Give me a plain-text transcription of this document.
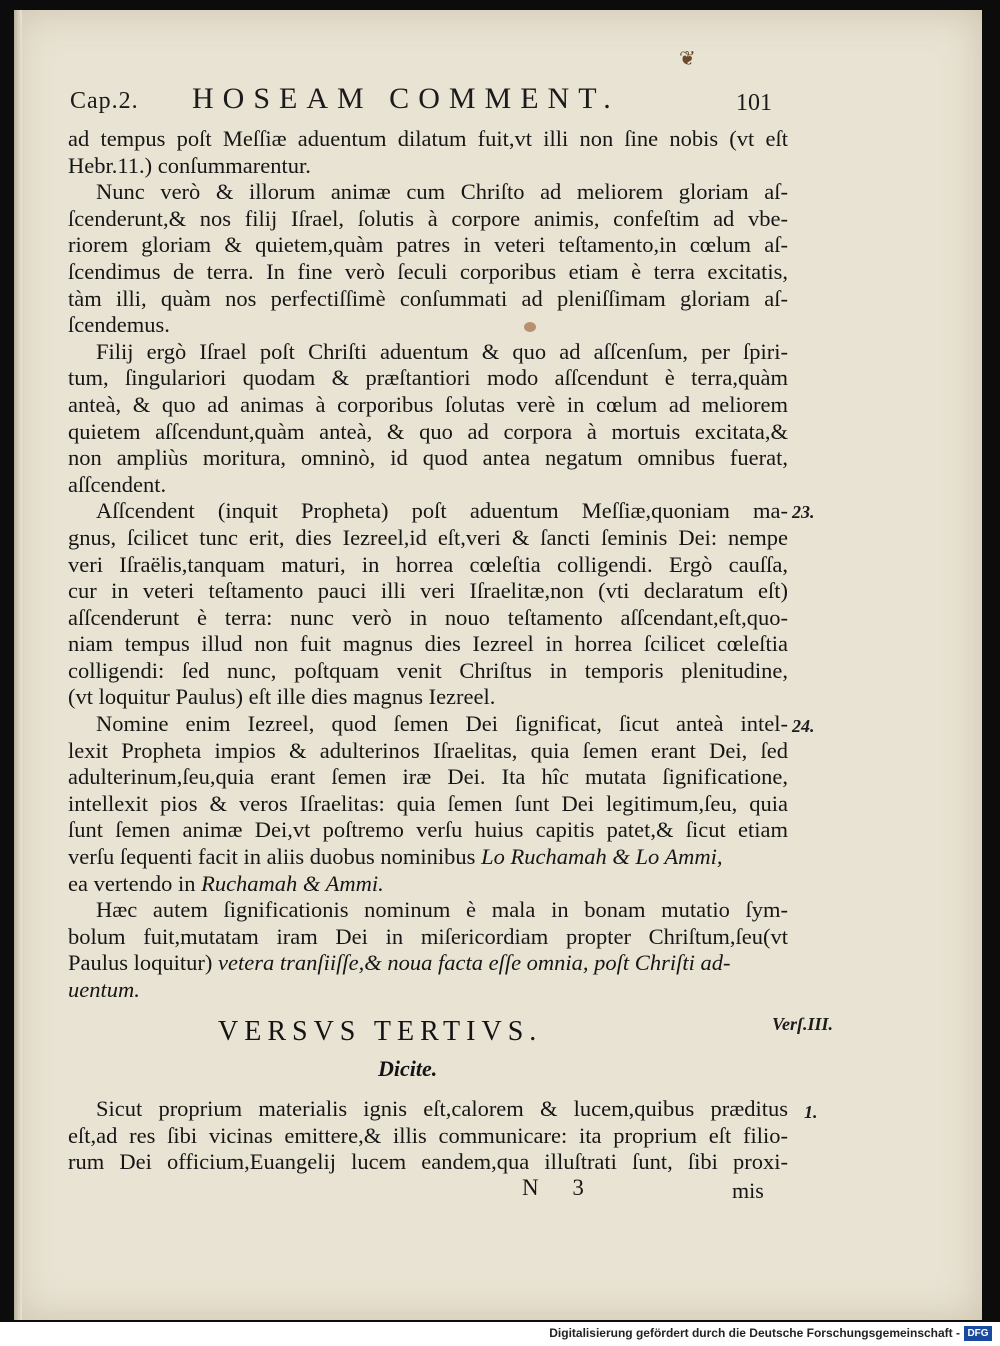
❦
Cap.2. HOSEAM COMMENT.	101
ad tempus poſt Meſſiæ aduentum dilatum fuit,vt illi non ſine nobis (vt eſt
Hebr.11.) conſummarentur.
Nunc verò & illorum animæ cum Chriſto ad meliorem gloriam aſ-
ſcenderunt,& nos filij Iſrael, ſolutis à corpore animis, confeſtim ad vbe-
riorem gloriam & quietem,quàm patres in veteri teſtamento,in cœlum aſ-
ſcendimus de terra. In fine verò ſeculi corporibus etiam è terra excitatis,
tàm illi, quàm nos perfectiſſimè conſummati ad pleniſſimam gloriam aſ-
ſcendemus.
Filij ergò Iſrael poſt Chriſti aduentum & quo ad aſſcenſum, per ſpiri-
tum, ſingulariori quodam & præſtantiori modo aſſcendunt è terra,quàm
anteà, & quo ad animas à corporibus ſolutas verè in cœlum ad meliorem
quietem aſſcendunt,quàm anteà, & quo ad corpora à mortuis excitata,&
non ampliùs moritura, omninò, id quod antea negatum omnibus fuerat,
aſſcendent.
Aſſcendent (inquit Propheta) poſt aduentum Meſſiæ,quoniam ma-
gnus, ſcilicet tunc erit, dies Iezreel,id eſt,veri & ſancti ſeminis Dei: nempe
veri Iſraëlis,tanquam maturi, in horrea cœleſtia colligendi. Ergò cauſſa,
cur in veteri teſtamento pauci illi veri Iſraelitæ,non (vti declaratum eſt)
aſſcenderunt è terra: nunc verò in nouo teſtamento aſſcendant,eſt,quo-
niam tempus illud non fuit magnus dies Iezreel in horrea ſcilicet cœleſtia
colligendi: ſed nunc, poſtquam venit Chriſtus in temporis plenitudine,
(vt loquitur Paulus) eſt ille dies magnus Iezreel.
Nomine enim Iezreel, quod ſemen Dei ſignificat, ſicut anteà intel-
lexit Propheta impios & adulterinos Iſraelitas, quia ſemen erant Dei, ſed
adulterinum,ſeu,quia erant ſemen iræ Dei. Ita hîc mutata ſignificatione,
intellexit pios & veros Iſraelitas: quia ſemen ſunt Dei legitimum,ſeu, quia
ſunt ſemen animæ Dei,vt poſtremo verſu huius capitis patet,& ſicut etiam
verſu ſequenti facit in aliis duobus nominibus Lo Ruchamah & Lo Ammi,
ea vertendo in Ruchamah & Ammi.
Hæc autem ſignificationis nominum è mala in bonam mutatio ſym-
bolum fuit,mutatam iram Dei in miſericordiam propter Chriſtum,ſeu(vt
Paulus loquitur) vetera tranſiiſſe,& noua facta eſſe omnia, poſt Chriſti ad-
uentum.
23.
24.
Verſ.III.
1.
VERSVS TERTIVS.
Dicite.
Sicut proprium materialis ignis eſt,calorem & lucem,quibus præditus
eſt,ad res ſibi vicinas emittere,& illis communicare: ita proprium eſt filio-
rum Dei officium,Euangelij lucem eandem,qua illuſtrati ſunt, ſibi proxi-
N 3	mis
Digitalisierung gefördert durch die Deutsche Forschungsgemeinschaft - DFG
